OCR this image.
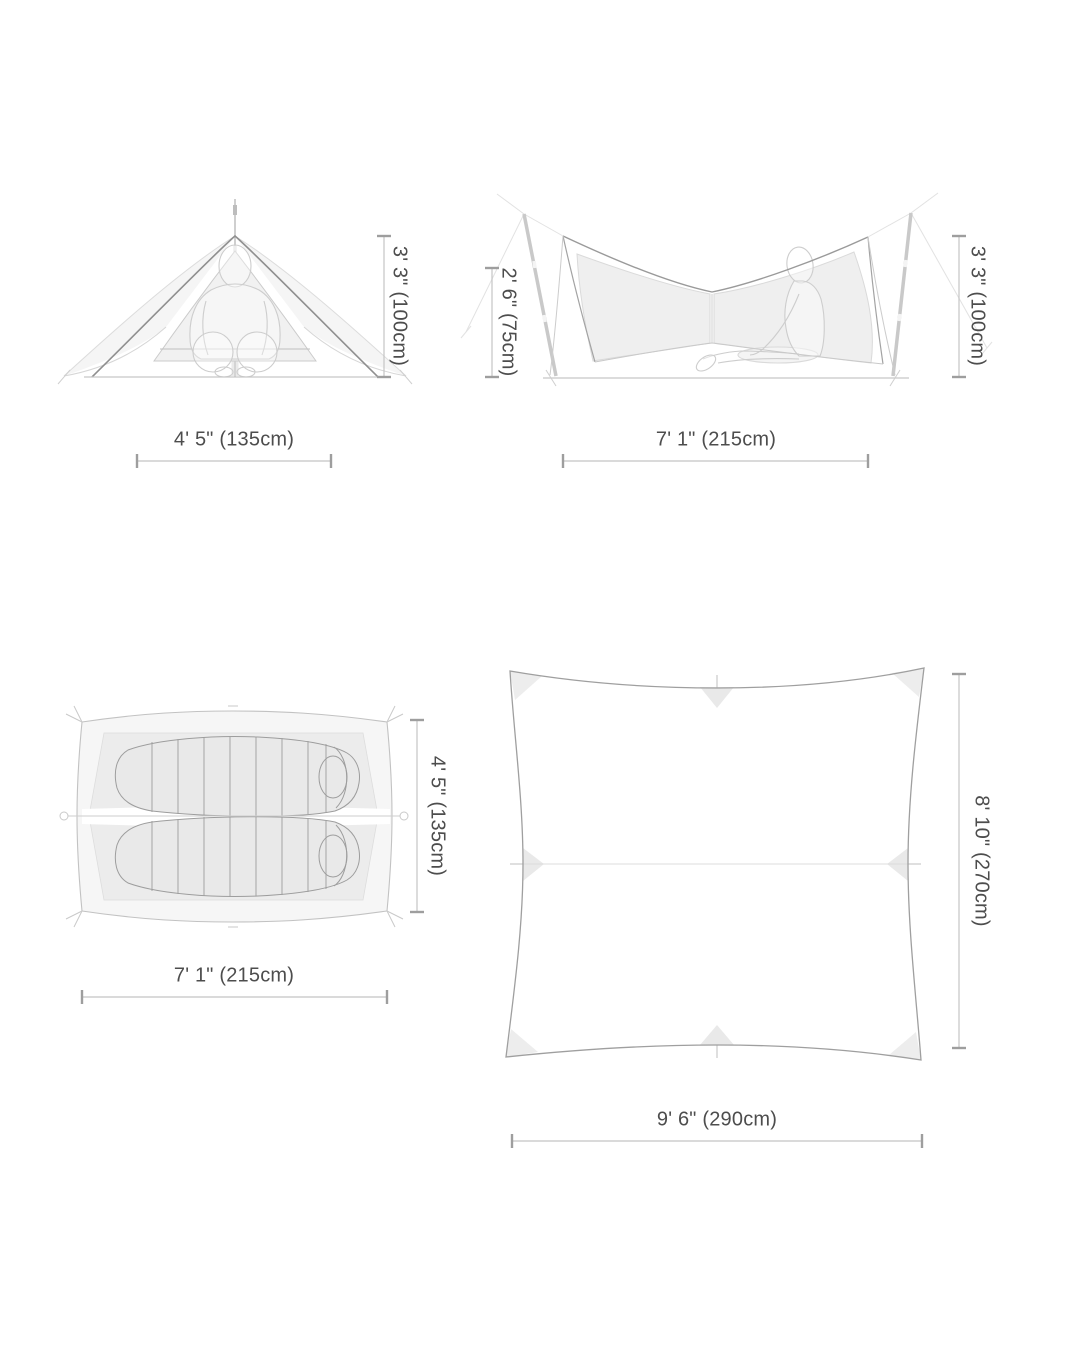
3' 3" (100cm)
4' 5" (135cm)
2' 6" (75cm)	3' 3" (100cm)
7' 1" (215cm)
4' 5" (135cm)
7' 1" (215cm)
8' 10" (270cm)
9' 6" (290cm)
